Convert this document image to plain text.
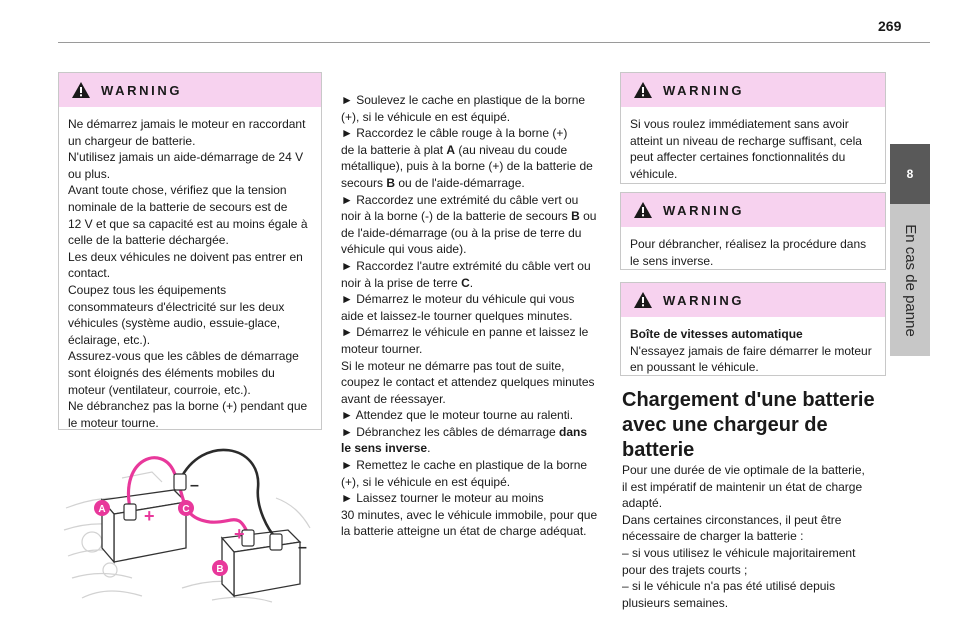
269
8
En cas de panne
WARNING
Ne démarrez jamais le moteur en raccordant
un chargeur de batterie.
N'utilisez jamais un aide-démarrage de 24 V
ou plus.
Avant toute chose, vérifiez que la tension
nominale de la batterie de secours est de
12 V et que sa capacité est au moins égale à
celle de la batterie déchargée.
Les deux véhicules ne doivent pas entrer en
contact.
Coupez tous les équipements
consommateurs d'électricité sur les deux
véhicules (système audio, essuie-glace,
éclairage, etc.).
Assurez-vous que les câbles de démarrage
sont éloignés des éléments mobiles du
moteur (ventilateur, courroie, etc.).
Ne débranchez pas la borne (+) pendant que
le moteur tourne.
+
+
–
–
A	C
B
► Soulevez le cache en plastique de la borne
(+), si le véhicule en est équipé.
► Raccordez le câble rouge à la borne (+)
de la batterie à plat A (au niveau du coude
métallique), puis à la borne (+) de la batterie de
secours B ou de l'aide-démarrage.
► Raccordez une extrémité du câble vert ou
noir à la borne (-) de la batterie de secours B ou
de l'aide-démarrage (ou à la prise de terre du
véhicule qui vous aide).
► Raccordez l'autre extrémité du câble vert ou
noir à la prise de terre C.
► Démarrez le moteur du véhicule qui vous
aide et laissez-le tourner quelques minutes.
► Démarrez le véhicule en panne et laissez le
moteur tourner.
Si le moteur ne démarre pas tout de suite,
coupez le contact et attendez quelques minutes
avant de réessayer.
► Attendez que le moteur tourne au ralenti.
► Débranchez les câbles de démarrage dans
le sens inverse.
► Remettez le cache en plastique de la borne
(+), si le véhicule en est équipé.
► Laissez tourner le moteur au moins
30 minutes, avec le véhicule immobile, pour que
la batterie atteigne un état de charge adéquat.
WARNING
Si vous roulez immédiatement sans avoir
atteint un niveau de recharge suffisant, cela
peut affecter certaines fonctionnalités du
véhicule.
WARNING
Pour débrancher, réalisez la procédure dans
le sens inverse.
WARNING
Boîte de vitesses automatique
N'essayez jamais de faire démarrer le moteur
en poussant le véhicule.
Chargement d'une batterie
avec une chargeur de
batterie
Pour une durée de vie optimale de la batterie,
il est impératif de maintenir un état de charge
adapté.
Dans certaines circonstances, il peut être
nécessaire de charger la batterie :
– si vous utilisez le véhicule majoritairement
pour des trajets courts ;
– si le véhicule n'a pas été utilisé depuis
plusieurs semaines.
